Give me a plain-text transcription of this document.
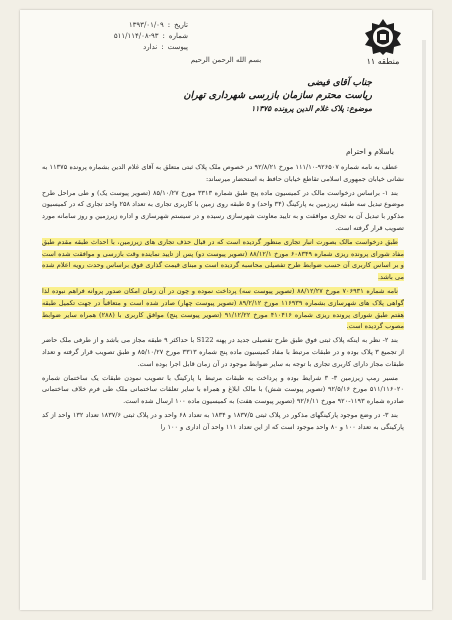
تاریخ
:
۱۳۹۳/۰۱/۰۹
شماره
:
۵۱۱/۱۱۴/۰۸-۹۳
پیوست
:
ندارد
منطقه ۱۱
بسم الله الرحمن الرحیم
جناب آقای فیضی
ریاست محترم سازمان بازرسی شهرداری تهران
موضوع: پلاک غلام الدین پرونده ۱۱۳۷۵
باسلام و احترام

عطف به نامه شماره ۹۲۶۵۰۷-۱۱۱/۱۰ مورخ ۹۲/۸/۲۱ در خصوص ملک پلاک ثبتی متعلق به آقای غلام الدین بشماره پرونده ۱۱۳۷۵ به نشانی خیابان جمهوری اسلامی تقاطع خیابان حافظ به استحضار میرساند:

بند ۱- براساس درخواست مالک در کمیسیون ماده پنج طبق شماره ۳۳۱۳ مورخ ۸۵/۱۰/۲۷ (تصویر پیوست یک) و طی مراحل طرح موضوع تبدیل سه طبقه زیرزمین به پارکینگ (۳۴ واحد) و ۵ طبقه روی زمین با کاربری تجاری به تعداد ۲۵۸ واحد تجاری که در کمیسیون مذکور با تبدیل آن به تجاری موافقت و به تایید معاونت شهرسازی رسیده و در سیستم شهرسازی و اداره زیرزمین و روز سامانه مورد تصویب قرار گرفته است.

طبق درخواست مالک بصورت انبار تجاری منظور گردیده است که در قبال حذف تجاری های زیرزمین، با احداث طبقه مقدم طبق مفاد شورای پرونده ریزی شماره ۶۰۸۳۴۹ مورخ ۸۸/۱۲/۱ (تصویر پیوست دو) پس از تایید نماینده وقت بازرسی و موافقت شده است و بر اساس کاربری آن حسب ضوابط طرح تفصیلی محاسبه گردیده است و مبنای قیمت گذاری فوق براساس وحدت رویه اعلام شده می باشد.

نامه شماره ۷۰۶۹۳۱ مورخ ۸۸/۱۲/۲۷ (تصویر پیوست سه) پرداخت نموده و چون در آن زمان امکان صدور پروانه فراهم نبوده لذا گواهی پلاک های شهرسازی بشماره ۱۱۶۹۳۹ مورخ ۸۹/۲/۱۲ (تصویر پیوست چهار) صادر شده است و متعاقباً در جهت تکمیل طبقه هفتم طبق شورای پرونده ریزی شماره ۴۱۰۴۱۶ مورخ ۹۱/۱۲/۲۲ (تصویر پیوست پنج) موافق کاربری با (۲۸۸) همراه سایر ضوابط مصوب گردیده است.

بند ۲- نظر به اینکه پلاک ثبتی فوق طبق طرح تفصیلی جدید در پهنه S122 با حداکثر ۹ طبقه مجاز می باشد و از طرفی ملک حاضر از تجمیع ۳ پلاک بوده و در طبقات مرتبط با مفاد کمیسیون ماده پنج شماره ۳۳۱۳ مورخ ۸۵/۱۰/۲۷ و طبق تصویب قرار گرفته و تعداد طبقات مجاز دارای کاربری تجاری با توجه به سایر ضوابط موجود در آن زمان قابل اجرا بوده است.

مسیر رمپ زیرزمین ۳- ۳ شرایط بوده و پرداخت به طبقات مرتبط با پارکینگ با تصویب نمودن طبقات یک ساختمان شماره ۵۱۱/۱۱۶۰۲۰ مورخ ۹۲/۵/۱۶ (تصویر پیوست شش) با مالک ابلاغ و همراه با سایر تعلقات ساختمانی ملک طی فرم خلاف ساختمانی صادره شماره ۱۱۹۳-۹۲۰ مورخ ۹۲/۶/۱۱ (تصویر پیوست هفت) به کمیسیون ماده ۱۰۰ ارسال شده است.

بند ۳- در وضع موجود پارکینگهای مذکور در پلاک ثبتی ۱۸۳۷/۵ و ۱۸۳۴ به تعداد ۶۸ واحد و در پلاک ثبتی ۱۸۳۷/۶ تعداد ۱۳۲ واحد از کد پارکینگی به تعداد ۱۰۰ و ۸۰ واحد موجود است که از این تعداد ۱۱۱ واحد آن اداری و ۱۰۰ را
